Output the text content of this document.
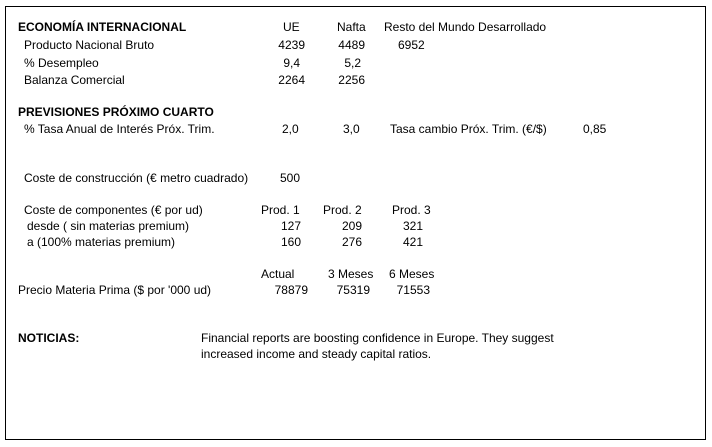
ECONOMÍA INTERNACIONAL	UE	Nafta Resto del Mundo Desarrollado
Producto Nacional Bruto	4239	4489	6952
% Desempleo	9,4	5,2
Balanza Comercial	2264	2256
PREVISIONES PRÓXIMO CUARTO
% Tasa Anual de Interés Próx. Trim.	2,0	3,0	Tasa cambio Próx. Trim. (€/$)	0,85
Coste de construcción (€ metro cuadrado)	500
Coste de componentes (€ por ud)	Prod. 1 Prod. 2	Prod. 3
desde ( sin materias premium)	127	209	321
a (100% materias premium)	160	276	421
Actual	3 Meses 6 Meses
Precio Materia Prima ($ por '000 ud)	78879	75319	71553
NOTICIAS:	Financial reports are boosting confidence in Europe. They suggest
increased income and steady capital ratios.
